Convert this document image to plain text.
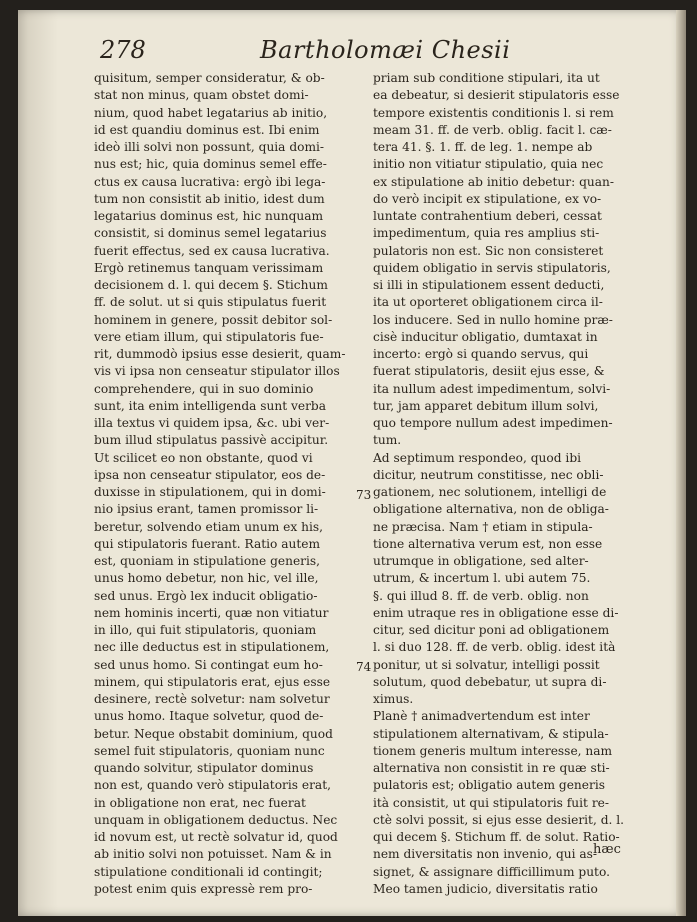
278	Bartholomæi Chesii
quisitum, semper consideratur, & ob-
stat non minus, quam obstet domi-
nium, quod habet legatarius ab initio,
id est quandiu dominus est. Ibi enim
ideò illi solvi non possunt, quia domi-
nus est; hic, quia dominus semel effe-
ctus ex causa lucrativa: ergò ibi lega-
tum non consistit ab initio, idest dum
legatarius dominus est, hic nunquam
consistit, si dominus semel legatarius
fuerit effectus, sed ex causa lucrativa.
Ergò retinemus tanquam verissimam
decisionem d. l. qui decem §. Stichum
ff. de solut. ut si quis stipulatus fuerit
hominem in genere, possit debitor sol-
vere etiam illum, qui stipulatoris fue-
rit, dummodò ipsius esse desierit, quam-
vis vi ipsa non censeatur stipulator illos
comprehendere, qui in suo dominio
sunt, ita enim intelligenda sunt verba
illa textus vi quidem ipsa, &c. ubi ver-
bum illud stipulatus passivè accipitur.
Ut scilicet eo non obstante, quod vi
ipsa non censeatur stipulator, eos de-
duxisse in stipulationem, qui in domi-
nio ipsius erant, tamen promissor li-
beretur, solvendo etiam unum ex his,
qui stipulatoris fuerant. Ratio autem
est, quoniam in stipulatione generis,
unus homo debetur, non hic, vel ille,
sed unus. Ergò lex inducit obligatio-
nem hominis incerti, quæ non vitiatur
in illo, qui fuit stipulatoris, quoniam
nec ille deductus est in stipulationem,
sed unus homo. Si contingat eum ho-
minem, qui stipulatoris erat, ejus esse
desinere, rectè solvetur: nam solvetur
unus homo. Itaque solvetur, quod de-
betur. Neque obstabit dominium, quod
semel fuit stipulatoris, quoniam nunc
quando solvitur, stipulator dominus
non est, quando verò stipulatoris erat,
in obligatione non erat, nec fuerat
unquam in obligationem deductus. Nec
id novum est, ut rectè solvatur id, quod
ab initio solvi non potuisset. Nam & in
stipulatione conditionali id contingit;
potest enim quis expressè rem pro-
priam sub conditione stipulari, ita ut
ea debeatur, si desierit stipulatoris esse
tempore existentis conditionis l. si rem
meam 31. ff. de verb. oblig. facit l. cæ-
tera 41. §. 1. ff. de leg. 1. nempe ab
initio non vitiatur stipulatio, quia nec
ex stipulatione ab initio debetur: quan-
do verò incipit ex stipulatione, ex vo-
luntate contrahentium deberi, cessat
impedimentum, quia res amplius sti-
pulatoris non est. Sic non consisteret
quidem obligatio in servis stipulatoris,
si illi in stipulationem essent deducti,
ita ut oporteret obligationem circa il-
los inducere. Sed in nullo homine præ-
cisè inducitur obligatio, dumtaxat in
incerto: ergò si quando servus, qui
fuerat stipulatoris, desiit ejus esse, &
ita nullum adest impedimentum, solvi-
tur, jam apparet debitum illum solvi,
quo tempore nullum adest impedimen-
tum.
Ad septimum respondeo, quod ibi
dicitur, neutrum constitisse, nec obli-
gationem, nec solutionem, intelligi de
obligatione alternativa, non de obliga-
ne præcisa. Nam † etiam in stipula-
tione alternativa verum est, non esse
utrumque in obligatione, sed alter-
utrum, & incertum l. ubi autem 75.
§. qui illud 8. ff. de verb. oblig. non
enim utraque res in obligatione esse di-
citur, sed dicitur poni ad obligationem
l. si duo 128. ff. de verb. oblig. idest ità
ponitur, ut si solvatur, intelligi possit
solutum, quod debebatur, ut supra di-
ximus.
Planè † animadvertendum est inter
stipulationem alternativam, & stipula-
tionem generis multum interesse, nam
alternativa non consistit in re quæ sti-
pulatoris est; obligatio autem generis
ità consistit, ut qui stipulatoris fuit re-
ctè solvi possit, si ejus esse desierit, d. l.
qui decem §. Stichum ff. de solut. Ratio-
nem diversitatis non invenio, qui as-
signet, & assignare difficillimum puto.
Meo tamen judicio, diversitatis ratio
73
74
hæc
